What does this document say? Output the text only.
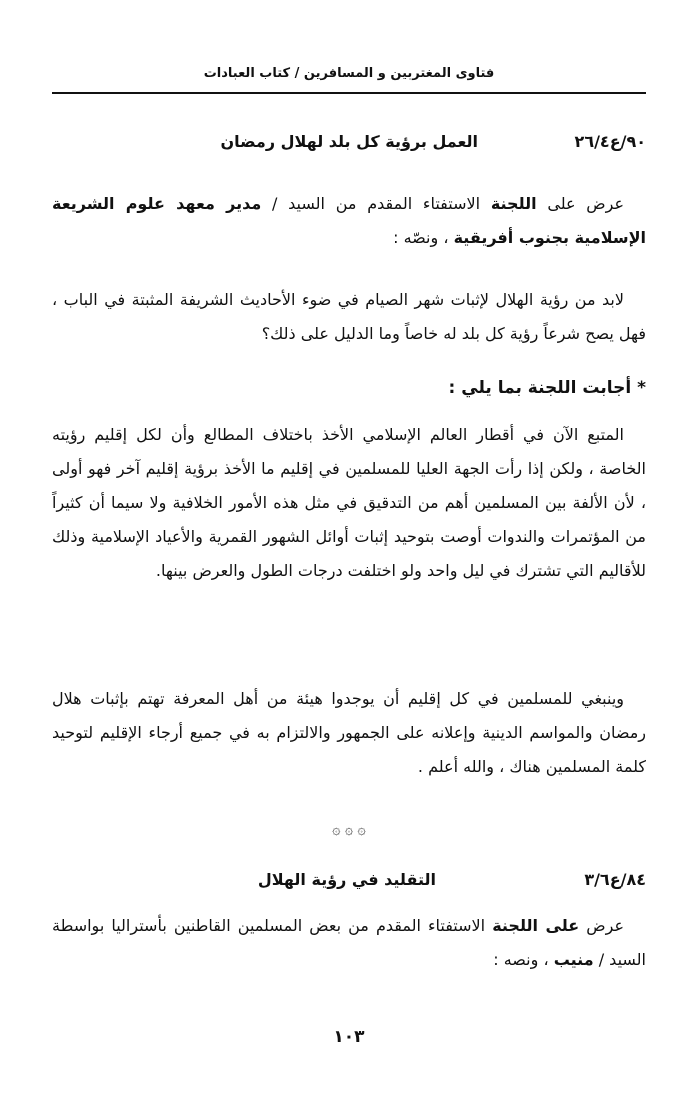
فتاوى المغتربين و المسافرين / كتاب العبادات
٩٠/ع٢٦/٤
العمل برؤية كل بلد لهلال رمضان

عرض على اللجنة الاستفتاء المقدم من السيد / مدير معهد علوم الشريعة الإسلامية بجنوب أفريقية ، ونصّه :

لابد من رؤية الهلال لإثبات شهر الصيام في ضوء الأحاديث الشريفة المثبتة في الباب ، فهل يصح شرعاً رؤية كل بلد له خاصاً وما الدليل على ذلك؟

* أجابت اللجنة بما يلي :

المتبع الآن في أقطار العالم الإسلامي الأخذ باختلاف المطالع وأن لكل إقليم رؤيته الخاصة ، ولكن إذا رأت الجهة العليا للمسلمين في إقليم ما الأخذ برؤية إقليم آخر فهو أولى ، لأن الألفة بين المسلمين أهم من التدقيق في مثل هذه الأمور الخلافية ولا سيما أن كثيراً من المؤتمرات والندوات أوصت بتوحيد إثبات أوائل الشهور القمرية والأعياد الإسلامية وذلك للأقاليم التي تشترك في ليل واحد ولو اختلفت درجات الطول والعرض بينها.

وينبغي للمسلمين في كل إقليم أن يوجدوا هيئة من أهل المعرفة تهتم بإثبات هلال رمضان والمواسم الدينية وإعلانه على الجمهور والالتزام به في جميع أرجاء الإقليم لتوحيد كلمة المسلمين هناك ، والله أعلم .

۞ ۞ ۞
٨٤/ع٣/٦
التقليد في رؤية الهلال

عرض على اللجنة الاستفتاء المقدم من بعض المسلمين القاطنين بأستراليا بواسطة السيد / منيب ، ونصه :

١٠٣
